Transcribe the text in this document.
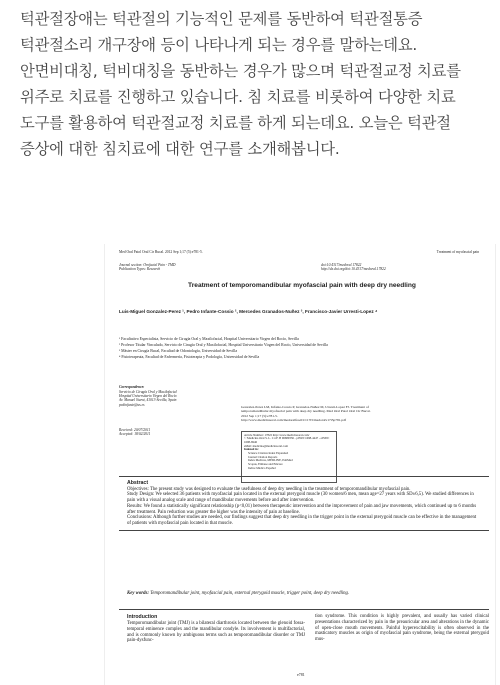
턱관절장애는 턱관절의 기능적인 문제를 동반하여 턱관절통증 턱관절소리 개구장애 등이 나타나게 되는 경우를 말하는데요. 안면비대칭, 턱비대칭을 동반하는 경우가 많으며 턱관절교정 치료를 위주로 치료를 진행하고 있습니다. 침 치료를 비롯하여 다양한 치료 도구를 활용하여 턱관절교정 치료를 하게 되는데요. 오늘은 턱관절 증상에 대한 침치료에 대한 연구를 소개해봅니다.
Med Oral Patol Oral Cir Bucal. 2012 Sep 1;17 (5):e781-5.	Treatment of myofascial pain
Journal section: Orofacial Pain - TMD
Publication Types: Research
doi:10.4317/medoral.17822
http://dx.doi.org/doi:10.4317/medoral.17822
Treatment of temporomandibular myofascial pain with deep dry needling
Luis-Miguel Gonzalez-Perez ¹, Pedro Infante-Cossio ², Mercedes Granados-Nuñez ³, Francisco-Javier Urresti-Lopez ⁴
¹ Facultativo Especialista, Servicio de Cirugía Oral y Maxilofacial, Hospital Universitario Virgen del Rocío, Sevilla
² Profesor Titular Vinculado, Servicio de Cirugía Oral y Maxilofacial, Hospital Universitario Virgen del Rocío, Universidad de Sevilla
³ Máster en Cirugía Bucal, Facultad de Odontología, Universidad de Sevilla
⁴ Fisioterapeuta, Facultad de Enfermería, Fisioterapia y Podología, Universidad de Sevilla
Correspondence:
Servicio de Cirugía Oral y Maxilofacial
Hospital Universitario Virgen del Rocío
Av. Manuel Siurot, 41013-Sevilla, Spain
pedinfante@us.es
Received: 20/07/2011
Accepted: 18/02/2011
Gonzalez-Perez LM, Infante-Cossio P, Granados-Nuñez M, Urresti-Lopez FJ. Treatment of temporomandibular myofascial pain with deep dry needling. Med Oral Patol Oral Cir Bucal. 2012 Sep 1;17 (5):e781-5.
http://www.medicinaoral.com/medoralfree01/v17i5/medoralv17i5p781.pdf
Article Number: 17822 http://www.medicinaoral.com/
© Medicina Oral S. L. C.I.F. B 96689336 - pISSN 1698-4447 - eISSN: 1698-6946
eMail: medicina@medicinaoral.com
Indexed in:
Science Citation Index Expanded
Journal Citation Reports
Index Medicus, MEDLINE, PubMed
Scopus, Embase and Emcare
Indice Médico Español
Abstract

Objectives: The present study was designed to evaluate the usefulness of deep dry needling in the treatment of temporomandibular myofascial pain.

Study Design: We selected 36 patients with myofascial pain located in the external pterygoid muscle (30 women/6 men, mean age=27 years with SD±6,5). We studied differences in pain with a visual analog scale and range of mandibular movements before and after intervention.

Results: We found a statistically significant relationship (p<0,01) between therapeutic intervention and the improvement of pain and jaw movements, which continued up to 6 months after treatment. Pain reduction was greater the higher was the intensity of pain at baseline.

Conclusions: Although further studies are needed, our findings suggest that deep dry needling in the trigger point in the external pterygoid muscle can be effective in the management of patients with myofascial pain located in that muscle.

Key words: Temporomandibular joint, myofascial pain, external pterygoid muscle, trigger point, deep dry needling.
Introduction
Temporomandibular joint (TMJ) is a bilateral diarthrosis located between the glenoid fossa-temporal eminence complex and the mandibular condyle. Its involvement is multifactorial, and is commonly known by ambiguous terms such as temporomandibular disorder or TMJ pain-dysfunc-
tion syndrome. This condition is highly prevalent, and usually has varied clinical presentations characterized by pain in the preauricular area and alterations in the dynamic of open-close mouth movements. Painful hyperexcitability is often observed in the masticatory muscles as origin of myofascial pain syndrome, being the external pterygoid mus-
e781
